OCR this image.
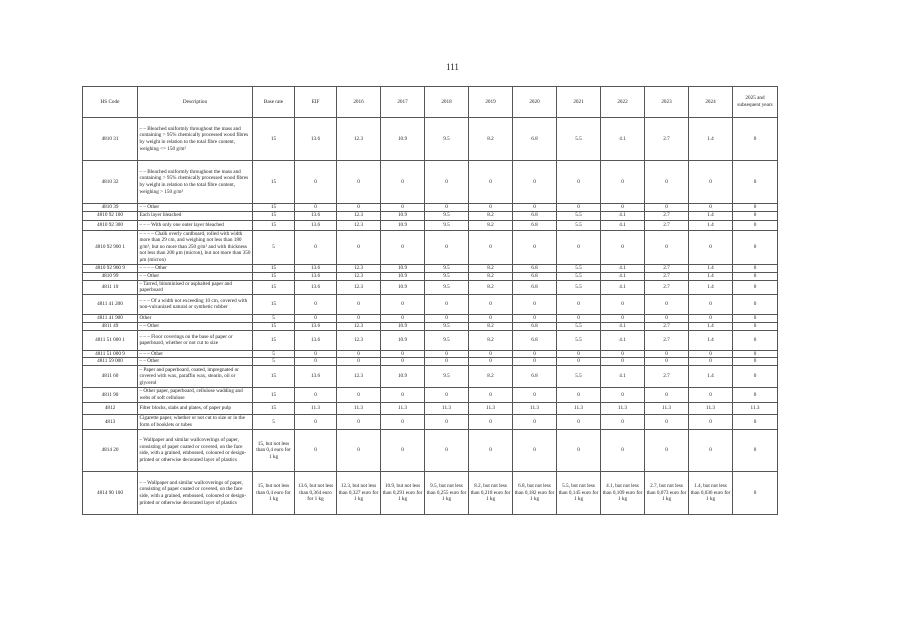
111
HS Code	Description	Base rate	EIF	2016	2017	2018	2019	2020	2021	2022	2023	2024	2025 and subsequent years
4810 31	– – Bleached uniformly throughout the mass and containing > 95% chemically processed wood fibres by weight in relation to the total fibre content, weighing <= 150 g/m²	15	13.6	12.3	10.9	9.5	8.2	6.8	5.5	4.1	2.7	1.4	0
4810 32	– – Bleached uniformly throughout the mass and containing > 95% chemically processed wood fibres by weight in relation to the total fibre content, weighing > 150 g/m²	15	0	0	0	0	0	0	0	0	0	0	0
4810 39	– – Other	15	0	0	0	0	0	0	0	0	0	0	0
4810 92 100	Each layer bleached	15	13.6	12.3	10.9	9.5	8.2	6.8	5.5	4.1	2.7	1.4	0
4810 92 300	– – – With only one outer layer bleached	15	13.6	12.3	10.9	9.5	8.2	6.8	5.5	4.1	2.7	1.4	0
4810 92 900 1	– – – – Chalk overly cardboard, rolled with width more than 29 cm, and weighing not less than 180 g/m², but no more than 250 g/m² and with thickness not less than 200 μm (micron), but not more than 350 μm (micron)	5	0	0	0	0	0	0	0	0	0	0	0
4810 92 900 9	– – – – Other	15	13.6	12.3	10.9	9.5	8.2	6.8	5.5	4.1	2.7	1.4	0
4810 99	– – Other	15	13.6	12.3	10.9	9.5	8.2	6.8	5.5	4.1	2.7	1.4	0
4811 10	– Tarred, bituminised or asphalted paper and paperboard	15	13.6	12.3	10.9	9.5	8.2	6.8	5.5	4.1	2.7	1.4	0
4811 41 200	– – – Of a width not exceeding 10 cm, covered with non-vulcanized natural or synthetic rubber	15	0	0	0	0	0	0	0	0	0	0	0
4811 41 900	Other	5	0	0	0	0	0	0	0	0	0	0	0
4811 49	– – Other	15	13.6	12.3	10.9	9.5	8.2	6.8	5.5	4.1	2.7	1.4	0
4811 51 000 1	– – – Floor coverings on the base of paper or paperboard, whether or not cut to size	15	13.6	12.3	10.9	9.5	8.2	6.8	5.5	4.1	2.7	1.4	0
4811 51 000 9	– – – Other	5	0	0	0	0	0	0	0	0	0	0	0
4811 59 000	– – Other	5	0	0	0	0	0	0	0	0	0	0	0
4811 60	– Paper and paperboard, coated, impregnated or covered with wax, paraffin wax, stearin, oil or glycerol	15	13.6	12.3	10.9	9.5	8.2	6.8	5.5	4.1	2.7	1.4	0
4811 90	– Other paper, paperboard, cellulose wadding and webs of soft cellulose	15	0	0	0	0	0	0	0	0	0	0	0
4812	Filter blocks, slabs and plates, of paper pulp	15	11.3	11.3	11.3	11.3	11.3	11.3	11.3	11.3	11.3	11.3	11.3
4813	Cigarette paper, whether or not cut to size or in the form of booklets or tubes	5	0	0	0	0	0	0	0	0	0	0	0
4814 20	– Wallpaper and similar wallcoverings of paper, consisting of paper coated or covered, on the face side, with a grained, embossed, coloured or design-printed or otherwise decorated layer of plastics	15, but not less than 0,4 euro for 1 kg	0	0	0	0	0	0	0	0	0	0	0
4814 90 100	– – Wallpaper and similar wallcoverings of paper, consisting of paper coated or covered, on the face side, with a grained, embossed, coloured or design-printed or otherwise decorated layer of plastics	15, but not less than 0,4 euro for 1 kg	13.6, but not less than 0,364 euro for 1 kg	12.3, but not less than 0,327 euro for 1 kg	10.9, but not less than 0,291 euro for 1 kg	9.5, but not less than 0,255 euro for 1 kg	8.2, but not less than 0,218 euro for 1 kg	6.8, but not less than 0,182 euro for 1 kg	5.5, but not less than 0,145 euro for 1 kg	4.1, but not less than 0,109 euro for 1 kg	2.7, but not less than 0,073 euro for 1 kg	1.4, but not less than 0,036 euro for 1 kg	0
